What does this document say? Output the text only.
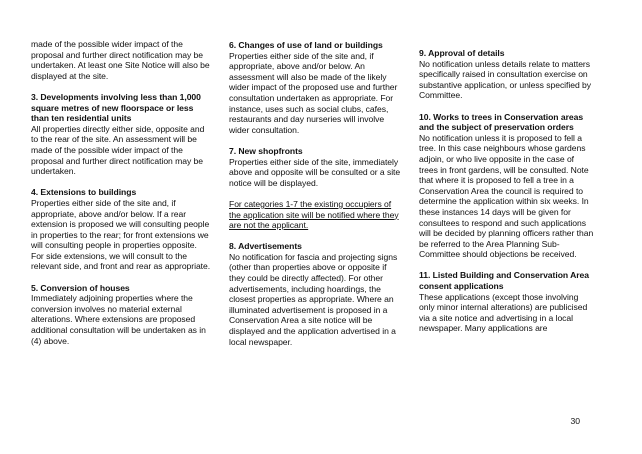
made of the possible wider impact of the proposal and further direct notification may be undertaken. At least one Site Notice will also be displayed at the site.
3. Developments involving less than 1,000 square metres of new floorspace or less than ten residential units
All properties directly either side, opposite and to the rear of the site. An assessment will be made of the possible wider impact of the proposal and further direct notification may be undertaken.
4. Extensions to buildings
Properties either side of the site and, if appropriate, above and/or below. If a rear extension is proposed we will consulting people in properties to the rear; for front extensions we will consulting people in properties opposite. For side extensions, we will consult to the relevant side, and front and rear as appropriate.
5. Conversion of houses
Immediately adjoining properties where the conversion involves no material external alterations. Where extensions are proposed additional consultation will be undertaken as in (4) above.
6. Changes of use of land or buildings
Properties either side of the site and, if appropriate, above and/or below. An assessment will also be made of the likely wider impact of the proposed use and further consultation undertaken as appropriate. For instance, uses such as social clubs, cafes, restaurants and day nurseries will involve wider consultation.
7. New shopfronts
Properties either side of the site, immediately above and opposite will be consulted or a site notice will be displayed.
For categories 1-7 the existing occupiers of the application site will be notified where they are not the applicant.
8. Advertisements
No notification for fascia and projecting signs (other than properties above or opposite if they could be directly affected). For other advertisements, including hoardings, the closest properties as appropriate. Where an illuminated advertisement is proposed in a Conservation Area a site notice will be displayed and the application advertised in a local newspaper.
9. Approval of details
No notification unless details relate to matters specifically raised in consultation exercise on substantive application, or unless specified by Committee.
10. Works to trees in Conservation areas and the subject of preservation orders
No notification unless it is proposed to fell a tree. In this case neighbours whose gardens adjoin, or who live opposite in the case of trees in front gardens, will be consulted. Note that where it is proposed to fell a tree in a Conservation Area the council is required to determine the application within six weeks. In these instances 14 days will be given for consultees to respond and such applications will be decided by planning officers rather than be referred to the Area Planning Sub-Committee should objections be received.
11. Listed Building and Conservation Area consent applications
These applications (except those involving only minor internal alterations) are publicised via a site notice and advertising in a local newspaper. Many applications are
30
